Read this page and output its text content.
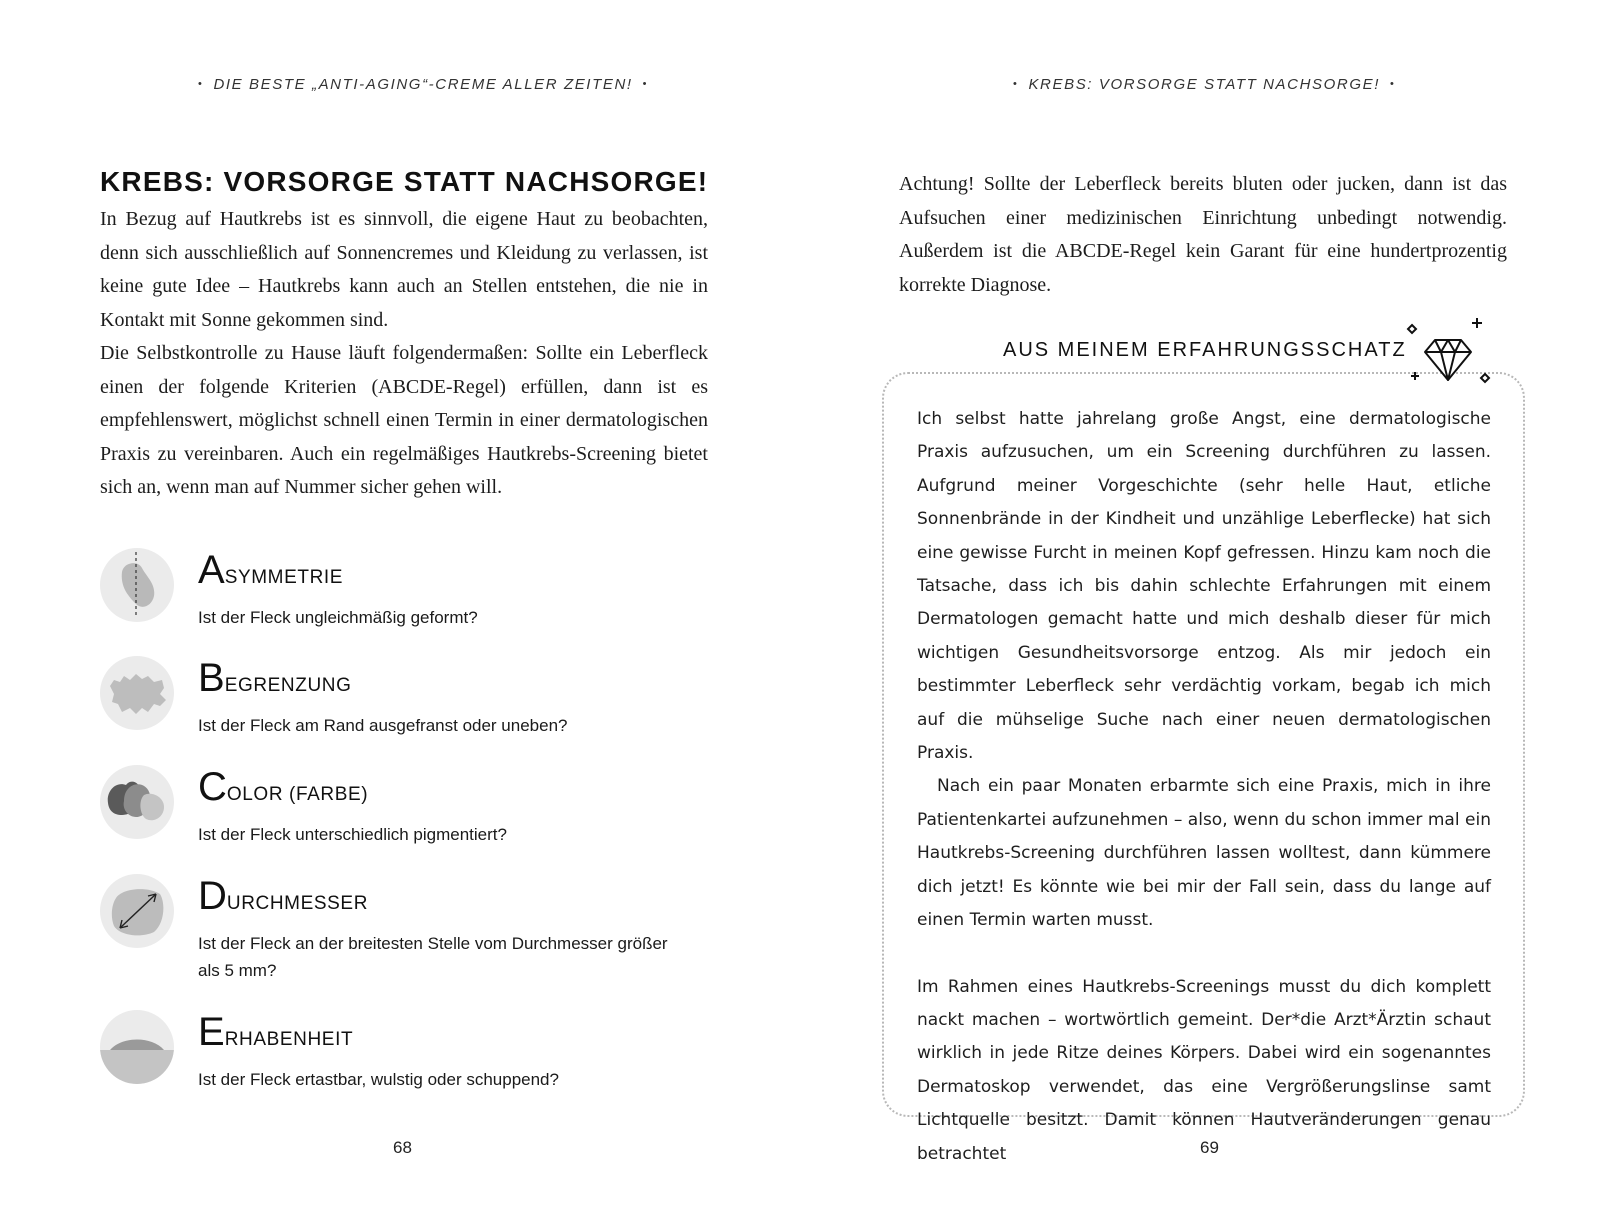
• DIE BESTE „ANTI-AGING“-CREME ALLER ZEITEN! •
KREBS: VORSORGE STATT NACHSORGE!

In Bezug auf Hautkrebs ist es sinnvoll, die eigene Haut zu beobachten, denn sich ausschließlich auf Sonnencremes und Kleidung zu verlassen, ist keine gute Idee – Hautkrebs kann auch an Stellen entstehen, die nie in Kontakt mit Sonne gekommen sind.

Die Selbstkontrolle zu Hause läuft folgendermaßen: Sollte ein Leberfleck einen der folgende Kriterien (ABCDE-Regel) erfüllen, dann ist es empfehlenswert, möglichst schnell einen Termin in einer dermatologischen Praxis zu vereinbaren. Auch ein regelmäßiges Hautkrebs-Screening bietet sich an, wenn man auf Nummer sicher gehen will.

ASYMMETRIE
Ist der Fleck ungleichmäßig geformt?
BEGRENZUNG
Ist der Fleck am Rand ausgefranst oder uneben?
COLOR (FARBE)
Ist der Fleck unterschiedlich pigmentiert?
DURCHMESSER
Ist der Fleck an der breitesten Stelle vom Durchmesser größer als 5 mm?
ERHABENHEIT
Ist der Fleck ertastbar, wulstig oder schuppend?
68
• KREBS: VORSORGE STATT NACHSORGE! •

Achtung! Sollte der Leberfleck bereits bluten oder jucken, dann ist das Aufsuchen einer medizinischen Einrichtung unbedingt notwendig. Außerdem ist die ABCDE-Regel kein Garant für eine hundertprozentig korrekte Diagnose.

AUS MEINEM ERFAHRUNGSSCHATZ

Ich selbst hatte jahrelang große Angst, eine dermatologische Praxis aufzusuchen, um ein Screening durchführen zu lassen. Aufgrund meiner Vorgeschichte (sehr helle Haut, etliche Sonnenbrände in der Kindheit und unzählige Leberflecke) hat sich eine gewisse Furcht in meinen Kopf gefressen. Hinzu kam noch die Tatsache, dass ich bis dahin schlechte Erfahrungen mit einem Dermatologen gemacht hatte und mich deshalb dieser für mich wichtigen Gesundheitsvorsorge entzog. Als mir jedoch ein bestimmter Leberfleck sehr verdächtig vorkam, begab ich mich auf die mühselige Suche nach einer neuen dermatologischen Praxis.

Nach ein paar Monaten erbarmte sich eine Praxis, mich in ihre Patientenkartei aufzunehmen – also, wenn du schon immer mal ein Hautkrebs-Screening durchführen lassen wolltest, dann kümmere dich jetzt! Es könnte wie bei mir der Fall sein, dass du lange auf einen Termin warten musst.

Im Rahmen eines Hautkrebs-Screenings musst du dich komplett nackt machen – wortwörtlich gemeint. Der*die Arzt*Ärztin schaut wirklich in jede Ritze deines Körpers. Dabei wird ein sogenanntes Dermatoskop verwendet, das eine Vergrößerungslinse samt Lichtquelle besitzt. Damit können Hautveränderungen genau betrachtet	69
